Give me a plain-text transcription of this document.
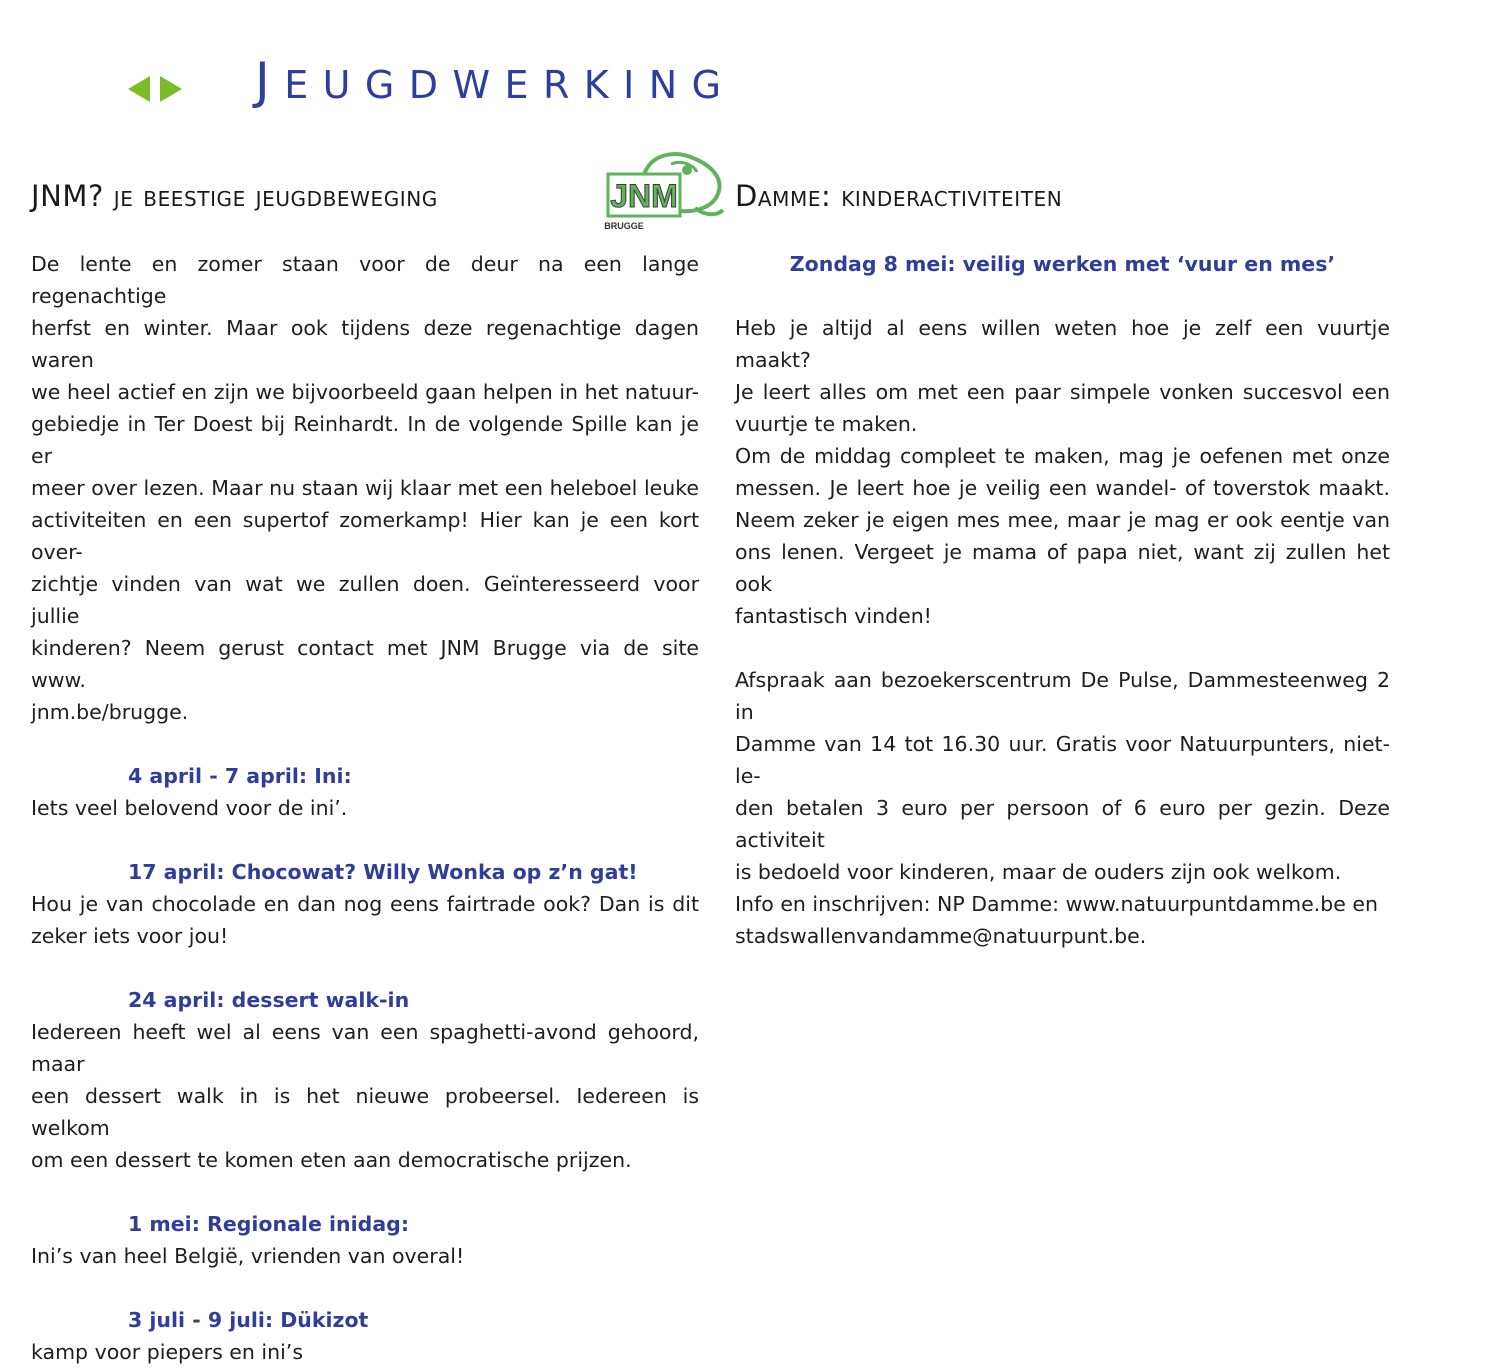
JEUGDWERKING
JNM? je beestige jeugdbeweging	JNM
BRUGGE
De lente en zomer staan voor de deur na een lange regenachtige
herfst en winter. Maar ook tijdens deze regenachtige dagen waren
we heel actief en zijn we bijvoorbeeld gaan helpen in het natuur-
gebiedje in Ter Doest bij Reinhardt. In de volgende Spille kan je er
meer over lezen. Maar nu staan wij klaar met een heleboel leuke
activiteiten en een supertof zomerkamp! Hier kan je een kort over-
zichtje vinden van wat we zullen doen. Geïnteresseerd voor jullie
kinderen? Neem gerust contact met JNM Brugge via de site www.
jnm.be/brugge.

4 april - 7 april: Ini:

Iets veel belovend voor de ini’.

17 april: Chocowat? Willy Wonka op z’n gat!

Hou je van chocolade en dan nog eens fairtrade ook? Dan is dit
zeker iets voor jou!

24 april: dessert walk-in

Iedereen heeft wel al eens van een spaghetti-avond gehoord, maar
een dessert walk in is het nieuwe probeersel. Iedereen is welkom
om een dessert te komen eten aan democratische prijzen.

1 mei: Regionale inidag:

Ini’s van heel België, vrienden van overal!

3 juli - 9 juli: Dükizot

kamp voor piepers en ini’s
Damme: kinderactiviteiten

Zondag 8 mei: veilig werken met ‘vuur en mes’

Heb je altijd al eens willen weten hoe je zelf een vuurtje maakt?
Je leert alles om met een paar simpele vonken succesvol een
vuurtje te maken.
Om de middag compleet te maken, mag je oefenen met onze
messen. Je leert hoe je veilig een wandel- of toverstok maakt.
Neem zeker je eigen mes mee, maar je mag er ook eentje van
ons lenen. Vergeet je mama of papa niet, want zij zullen het ook
fantastisch vinden!
Afspraak aan bezoekerscentrum De Pulse, Dammesteenweg 2 in
Damme van 14 tot 16.30 uur. Gratis voor Natuurpunters, niet-le-
den betalen 3 euro per persoon of 6 euro per gezin. Deze activiteit
is bedoeld voor kinderen, maar de ouders zijn ook welkom.
Info en inschrijven: NP Damme: www.natuurpuntdamme.be en
stadswallenvandamme@natuurpunt.be.
